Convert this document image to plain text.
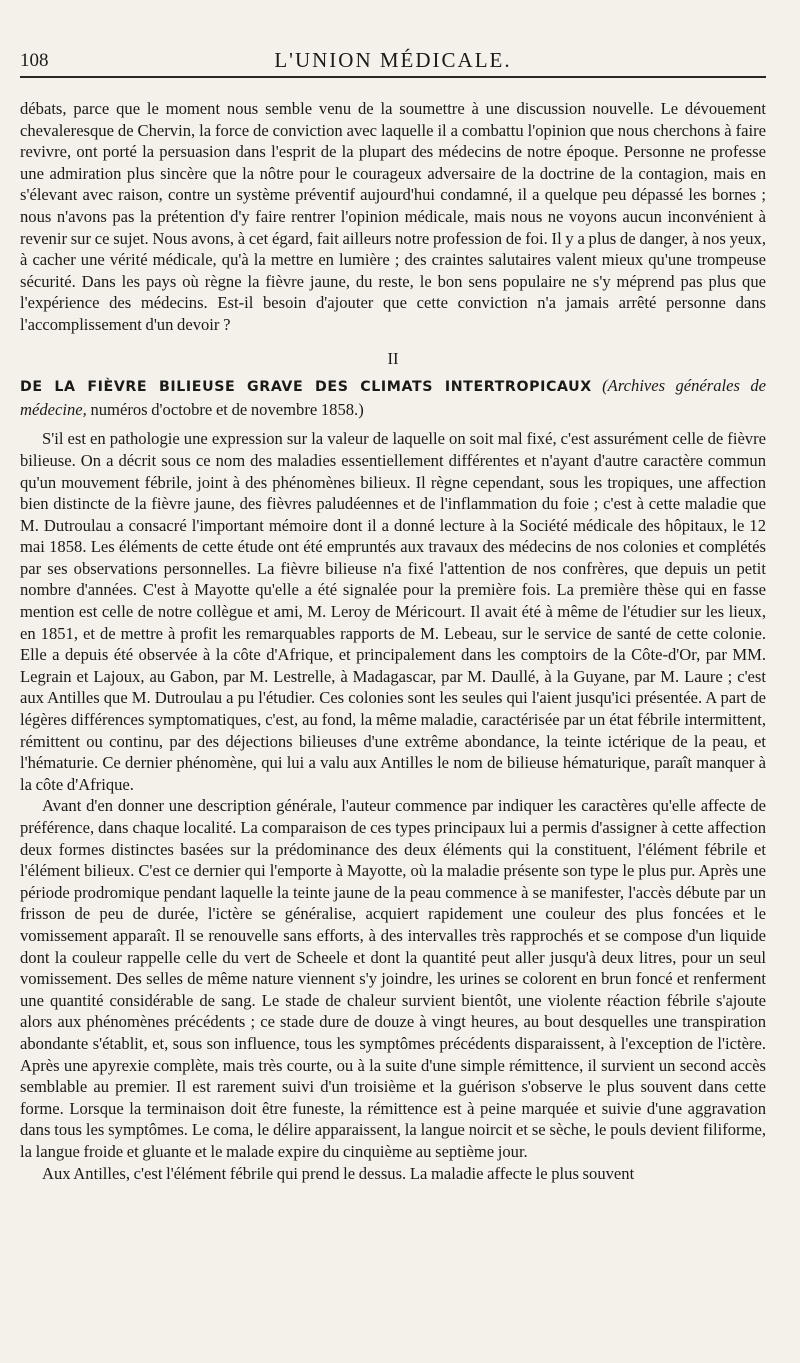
108	L'UNION MÉDICALE.

débats, parce que le moment nous semble venu de la soumettre à une discussion nouvelle. Le dévouement chevaleresque de Chervin, la force de conviction avec laquelle il a combattu l'opinion que nous cherchons à faire revivre, ont porté la persuasion dans l'esprit de la plupart des médecins de notre époque. Personne ne professe une admiration plus sincère que la nôtre pour le courageux adversaire de la doctrine de la contagion, mais en s'élevant avec raison, contre un système préventif aujourd'hui condamné, il a quelque peu dépassé les bornes ; nous n'avons pas la prétention d'y faire rentrer l'opinion médicale, mais nous ne voyons aucun inconvénient à revenir sur ce sujet. Nous avons, à cet égard, fait ailleurs notre profession de foi. Il y a plus de danger, à nos yeux, à cacher une vérité médicale, qu'à la mettre en lumière ; des craintes salutaires valent mieux qu'une trompeuse sécurité. Dans les pays où règne la fièvre jaune, du reste, le bon sens populaire ne s'y méprend pas plus que l'expérience des médecins. Est-il besoin d'ajouter que cette conviction n'a jamais arrêté personne dans l'accomplissement d'un devoir ?

II

DE LA FIÈVRE BILIEUSE GRAVE DES CLIMATS INTERTROPICAUX (Archives générales de médecine, numéros d'octobre et de novembre 1858.)

S'il est en pathologie une expression sur la valeur de laquelle on soit mal fixé, c'est assurément celle de fièvre bilieuse. On a décrit sous ce nom des maladies essentiellement différentes et n'ayant d'autre caractère commun qu'un mouvement fébrile, joint à des phénomènes bilieux. Il règne cependant, sous les tropiques, une affection bien distincte de la fièvre jaune, des fièvres paludéennes et de l'inflammation du foie ; c'est à cette maladie que M. Dutroulau a consacré l'important mémoire dont il a donné lecture à la Société médicale des hôpitaux, le 12 mai 1858. Les éléments de cette étude ont été empruntés aux travaux des médecins de nos colonies et complétés par ses observations personnelles. La fièvre bilieuse n'a fixé l'attention de nos confrères, que depuis un petit nombre d'années. C'est à Mayotte qu'elle a été signalée pour la première fois. La première thèse qui en fasse mention est celle de notre collègue et ami, M. Leroy de Méricourt. Il avait été à même de l'étudier sur les lieux, en 1851, et de mettre à profit les remarquables rapports de M. Lebeau, sur le service de santé de cette colonie. Elle a depuis été observée à la côte d'Afrique, et principalement dans les comptoirs de la Côte-d'Or, par MM. Legrain et Lajoux, au Gabon, par M. Lestrelle, à Madagascar, par M. Daullé, à la Guyane, par M. Laure ; c'est aux Antilles que M. Dutroulau a pu l'étudier. Ces colonies sont les seules qui l'aient jusqu'ici présentée. A part de légères différences symptomatiques, c'est, au fond, la même maladie, caractérisée par un état fébrile intermittent, rémittent ou continu, par des déjections bilieuses d'une extrême abondance, la teinte ictérique de la peau, et l'hématurie. Ce dernier phénomène, qui lui a valu aux Antilles le nom de bilieuse hématurique, paraît manquer à la côte d'Afrique.

Avant d'en donner une description générale, l'auteur commence par indiquer les caractères qu'elle affecte de préférence, dans chaque localité. La comparaison de ces types principaux lui a permis d'assigner à cette affection deux formes distinctes basées sur la prédominance des deux éléments qui la constituent, l'élément fébrile et l'élément bilieux. C'est ce dernier qui l'emporte à Mayotte, où la maladie présente son type le plus pur. Après une période prodromique pendant laquelle la teinte jaune de la peau commence à se manifester, l'accès débute par un frisson de peu de durée, l'ictère se généralise, acquiert rapidement une couleur des plus foncées et le vomissement apparaît. Il se renouvelle sans efforts, à des intervalles très rapprochés et se compose d'un liquide dont la couleur rappelle celle du vert de Scheele et dont la quantité peut aller jusqu'à deux litres, pour un seul vomissement. Des selles de même nature viennent s'y joindre, les urines se colorent en brun foncé et renferment une quantité considérable de sang. Le stade de chaleur survient bientôt, une violente réaction fébrile s'ajoute alors aux phénomènes précédents ; ce stade dure de douze à vingt heures, au bout desquelles une transpiration abondante s'établit, et, sous son influence, tous les symptômes précédents disparaissent, à l'exception de l'ictère. Après une apyrexie complète, mais très courte, ou à la suite d'une simple rémittence, il survient un second accès semblable au premier. Il est rarement suivi d'un troisième et la guérison s'observe le plus souvent dans cette forme. Lorsque la terminaison doit être funeste, la rémittence est à peine marquée et suivie d'une aggravation dans tous les symptômes. Le coma, le délire apparaissent, la langue noircit et se sèche, le pouls devient filiforme, la langue froide et gluante et le malade expire du cinquième au septième jour.

Aux Antilles, c'est l'élément fébrile qui prend le dessus. La maladie affecte le plus souvent
